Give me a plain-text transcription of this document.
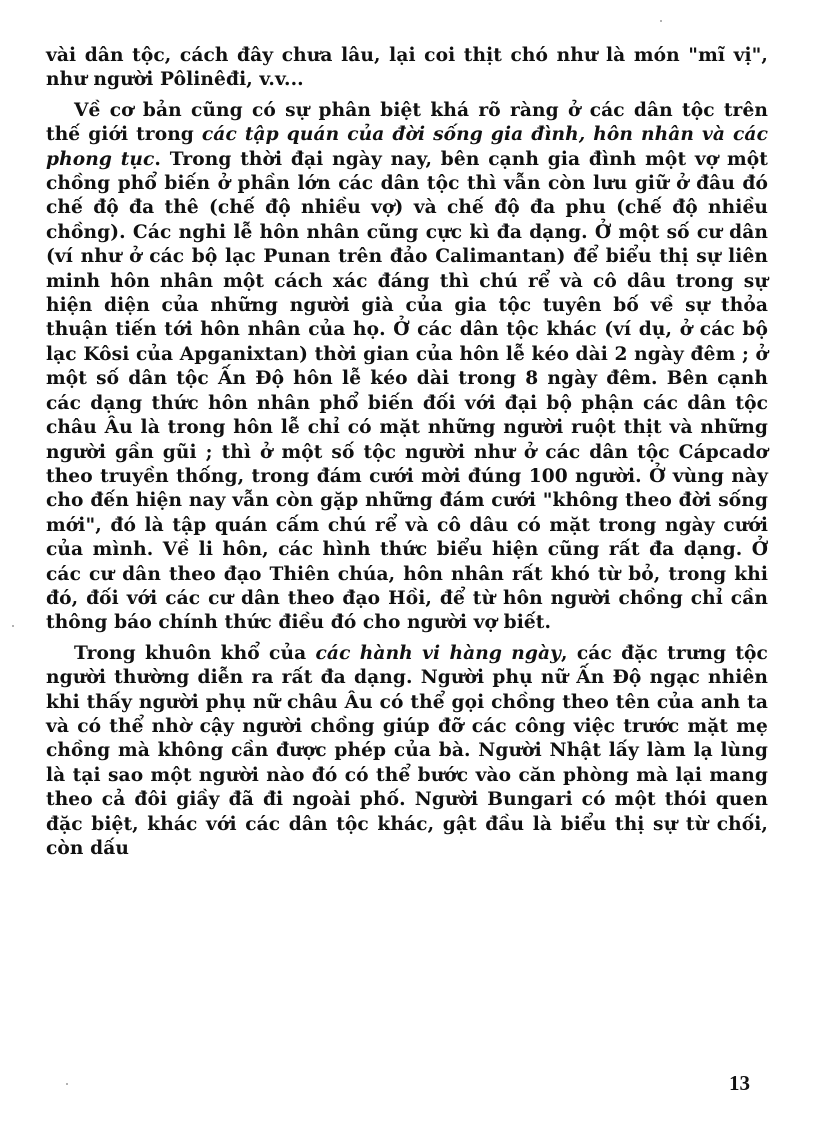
vài dân tộc, cách đây chưa lâu, lại coi thịt chó như là món "mĩ vị", như người Pôlinêđi, v.v...

Về cơ bản cũng có sự phân biệt khá rõ ràng ở các dân tộc trên thế giới trong các tập quán của đời sống gia đình, hôn nhân và các phong tục. Trong thời đại ngày nay, bên cạnh gia đình một vợ một chồng phổ biến ở phần lớn các dân tộc thì vẫn còn lưu giữ ở đâu đó chế độ đa thê (chế độ nhiều vợ) và chế độ đa phu (chế độ nhiều chồng). Các nghi lễ hôn nhân cũng cực kì đa dạng. Ở một số cư dân (ví như ở các bộ lạc Punan trên đảo Calimantan) để biểu thị sự liên minh hôn nhân một cách xác đáng thì chú rể và cô dâu trong sự hiện diện của những người già của gia tộc tuyên bố về sự thỏa thuận tiến tới hôn nhân của họ. Ở các dân tộc khác (ví dụ, ở các bộ lạc Kôsi của Apganixtan) thời gian của hôn lễ kéo dài 2 ngày đêm ; ở một số dân tộc Ấn Độ hôn lễ kéo dài trong 8 ngày đêm. Bên cạnh các dạng thức hôn nhân phổ biến đối với đại bộ phận các dân tộc châu Âu là trong hôn lễ chỉ có mặt những người ruột thịt và những người gần gũi ; thì ở một số tộc người như ở các dân tộc Cápcadơ theo truyền thống, trong đám cưới mời đúng 100 người. Ở vùng này cho đến hiện nay vẫn còn gặp những đám cưới "không theo đời sống mới", đó là tập quán cấm chú rể và cô dâu có mặt trong ngày cưới của mình. Về li hôn, các hình thức biểu hiện cũng rất đa dạng. Ở các cư dân theo đạo Thiên chúa, hôn nhân rất khó từ bỏ, trong khi đó, đối với các cư dân theo đạo Hồi, để từ hôn người chồng chỉ cần thông báo chính thức điều đó cho người vợ biết.

Trong khuôn khổ của các hành vi hàng ngày, các đặc trưng tộc người thường diễn ra rất đa dạng. Người phụ nữ Ấn Độ ngạc nhiên khi thấy người phụ nữ châu Âu có thể gọi chồng theo tên của anh ta và có thể nhờ cậy người chồng giúp đỡ các công việc trước mặt mẹ chồng mà không cần được phép của bà. Người Nhật lấy làm lạ lùng là tại sao một người nào đó có thể bước vào căn phòng mà lại mang theo cả đôi giầy đã đi ngoài phố. Người Bungari có một thói quen đặc biệt, khác với các dân tộc khác, gật đầu là biểu thị sự từ chối, còn dấu

13
